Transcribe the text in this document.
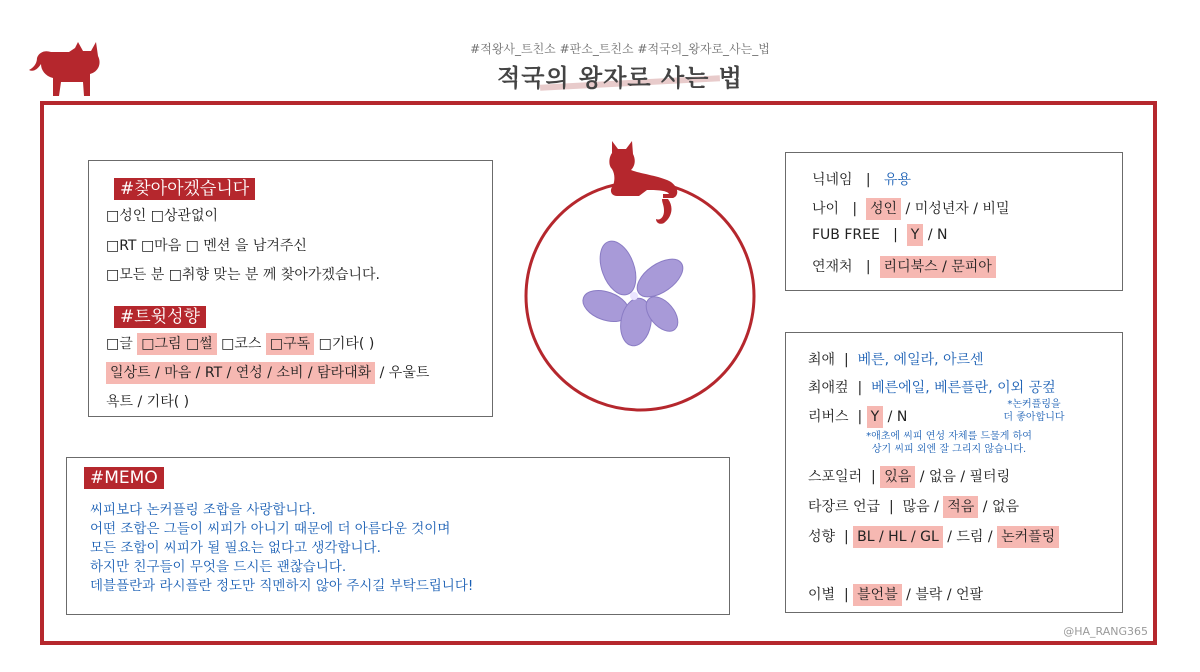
#적왕사_트친소 #판소_트친소 #적국의_왕자로_사는_법
적국의 왕자로 사는 법
#찾아아겠습니다
□성인 □상관없이
□RT □마음 □ 멘션 을 남겨주신
□모든 분 □취향 맞는 분 께 찾아가겠습니다.
#트윗성향
□글 □그림 □썰 □코스 □구독 □기타( )
일상트 / 마음 / RT / 연성 / 소비 / 탐라대화 / 우울트
욕트 / 기타( )
#MEMO
씨피보다 논커플링 조합을 사랑합니다.
어떤 조합은 그들이 씨피가 아니기 때문에 더 아름다운 것이며
모든 조합이 씨피가 될 필요는 없다고 생각합니다.
하지만 친구들이 무엇을 드시든 괜찮습니다.
데블플란과 라시플란 정도만 직멘하지 않아 주시길 부탁드립니다!
닉네임   |   유용
나이   |  성인 / 미성년자 / 비밀
FUB FREE   |  Y / N
연재처   |  리디북스 / 문피아
최애  |  베른, 에일라, 아르센
최애컾  |  베른에일, 베른플란, 이외 공컾
리버스  | Y / N
*논커플링을
더 좋아합니다
*애초에 씨피 연성 자체를 드물게 하여
상기 씨피 외엔 잘 그리지 않습니다.
스포일러  | 있음 / 없음 / 필터링
타장르 언급  |  많음 / 적음 / 없음
성향  | BL / HL / GL / 드림 / 논커플링
이별  | 블언블 / 블락 / 언팔
@HA_RANG365
